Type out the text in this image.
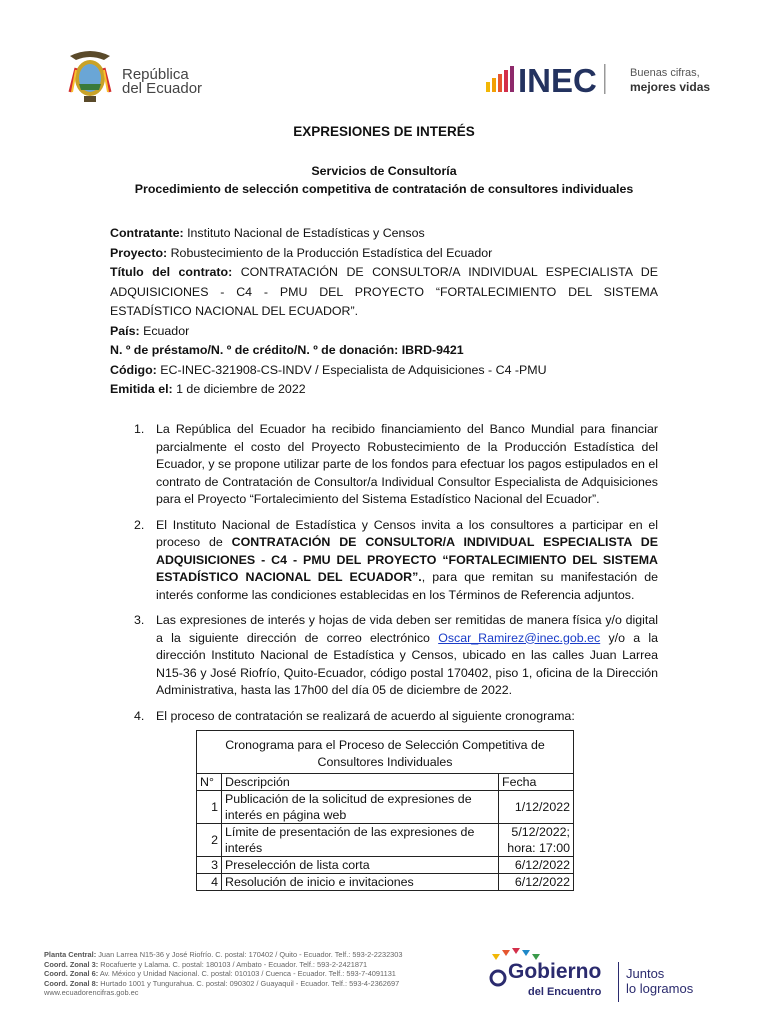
República
del Ecuador	INEC	Buenas cifras,
mejores vidas
EXPRESIONES DE INTERÉS
Servicios de Consultoría
Procedimiento de selección competitiva de contratación de consultores individuales

Contratante: Instituto Nacional de Estadísticas y Censos

Proyecto: Robustecimiento de la Producción Estadística del Ecuador

Título del contrato: CONTRATACIÓN DE CONSULTOR/A INDIVIDUAL ESPECIALISTA DE ADQUISICIONES - C4 - PMU DEL PROYECTO “FORTALECIMIENTO DEL SISTEMA ESTADÍSTICO NACIONAL DEL ECUADOR”.

País: Ecuador

N. º de préstamo/N. º de crédito/N. º de donación: IBRD-9421

Código: EC-INEC-321908-CS-INDV / Especialista de Adquisiciones - C4 -PMU

Emitida el: 1 de diciembre de 2022

1. La República del Ecuador ha recibido financiamiento del Banco Mundial para financiar parcialmente el costo del Proyecto Robustecimiento de la Producción Estadística del Ecuador, y se propone utilizar parte de los fondos para efectuar los pagos estipulados en el contrato de Contratación de Consultor/a Individual Consultor Especialista de Adquisiciones para el Proyecto “Fortalecimiento del Sistema Estadístico Nacional del Ecuador”.
2. El Instituto Nacional de Estadística y Censos invita a los consultores a participar en el proceso de CONTRATACIÓN DE CONSULTOR/A INDIVIDUAL ESPECIALISTA DE ADQUISICIONES - C4 - PMU DEL PROYECTO “FORTALECIMIENTO DEL SISTEMA ESTADÍSTICO NACIONAL DEL ECUADOR”., para que remitan su manifestación de interés conforme las condiciones establecidas en los Términos de Referencia adjuntos.
3. Las expresiones de interés y hojas de vida deben ser remitidas de manera física y/o digital a la siguiente dirección de correo electrónico Oscar_Ramirez@inec.gob.ec y/o a la dirección Instituto Nacional de Estadística y Censos, ubicado en las calles Juan Larrea N15-36 y José Riofrío, Quito-Ecuador, código postal 170402, piso 1, oficina de la Dirección Administrativa, hasta las 17h00 del día 05 de diciembre de 2022.
4. El proceso de contratación se realizará de acuerdo al siguiente cronograma:
Cronograma para el Proceso de Selección Competitiva de Consultores Individuales		
N°	Descripción	Fecha
1	Publicación de la solicitud de expresiones de interés en página web	1/12/2022
2	Límite de presentación de las expresiones de interés	5/12/2022; hora: 17:00
3	Preselección de lista corta	6/12/2022
4	Resolución de inicio e invitaciones	6/12/2022
Planta Central: Juan Larrea N15-36 y José Riofrío. C. postal: 170402 / Quito - Ecuador. Telf.: 593-2-2232303
Coord. Zonal 3: Rocafuerte y Lalama. C. postal: 180103 / Ambato - Ecuador. Telf.: 593-2-2421871
Coord. Zonal 6: Av. México y Unidad Nacional. C. postal: 010103 / Cuenca - Ecuador. Telf.: 593-7-4091131
Coord. Zonal 8: Hurtado 1001 y Tungurahua. C. postal: 090302 / Guayaquil - Ecuador. Telf.: 593-4-2362697
www.ecuadorencifras.gob.ec
Gobierno
del Encuentro
Juntos
lo logramos
